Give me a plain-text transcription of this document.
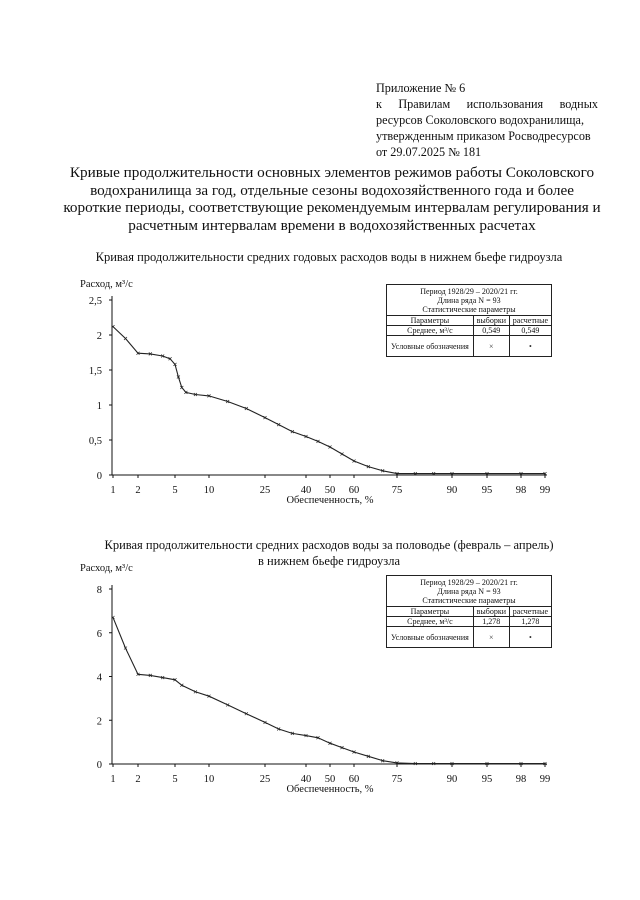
Приложение № 6
к Правилам использования водных
ресурсов Соколовского водохранилища,
утвержденным приказом Росводресурсов
от 29.07.2025 № 181
Кривые продолжительности основных элементов режимов работы Соколовского водохранилища за год, отдельные сезоны водохозяйственного года и более короткие периоды, соответствующие рекомендуемым интервалам регулирования и расчетным интервалам времени в водохозяйственных расчетах
Кривая продолжительности средних годовых расходов воды в нижнем бьефе гидроузла
Кривая продолжительности средних расходов воды за половодье (февраль – апрель)
в нижнем бьефе гидроузла
Расход, м³/с
0
0,5
1
1,5
2
2,5
1 2	5 10	25	40 50 60	75	90 95 98 99
Обеспеченность, %
Расход, м³/с
0
2
4
6
8
1 2	5 10	25	40 50 60	75	90 95 98 99
Обеспеченность, %
Период 1928/29 – 2020/21 гг.
Длина ряда N = 93
Статистические параметры
Параметры	выборки	расчетные
Среднее, м³/с	0,549	0,549
Условные обозначения	×	•
Период 1928/29 – 2020/21 гг.
Длина ряда N = 93
Статистические параметры
Параметры	выборки	расчетные
Среднее, м³/с	1,278	1,278
Условные обозначения	×	•
